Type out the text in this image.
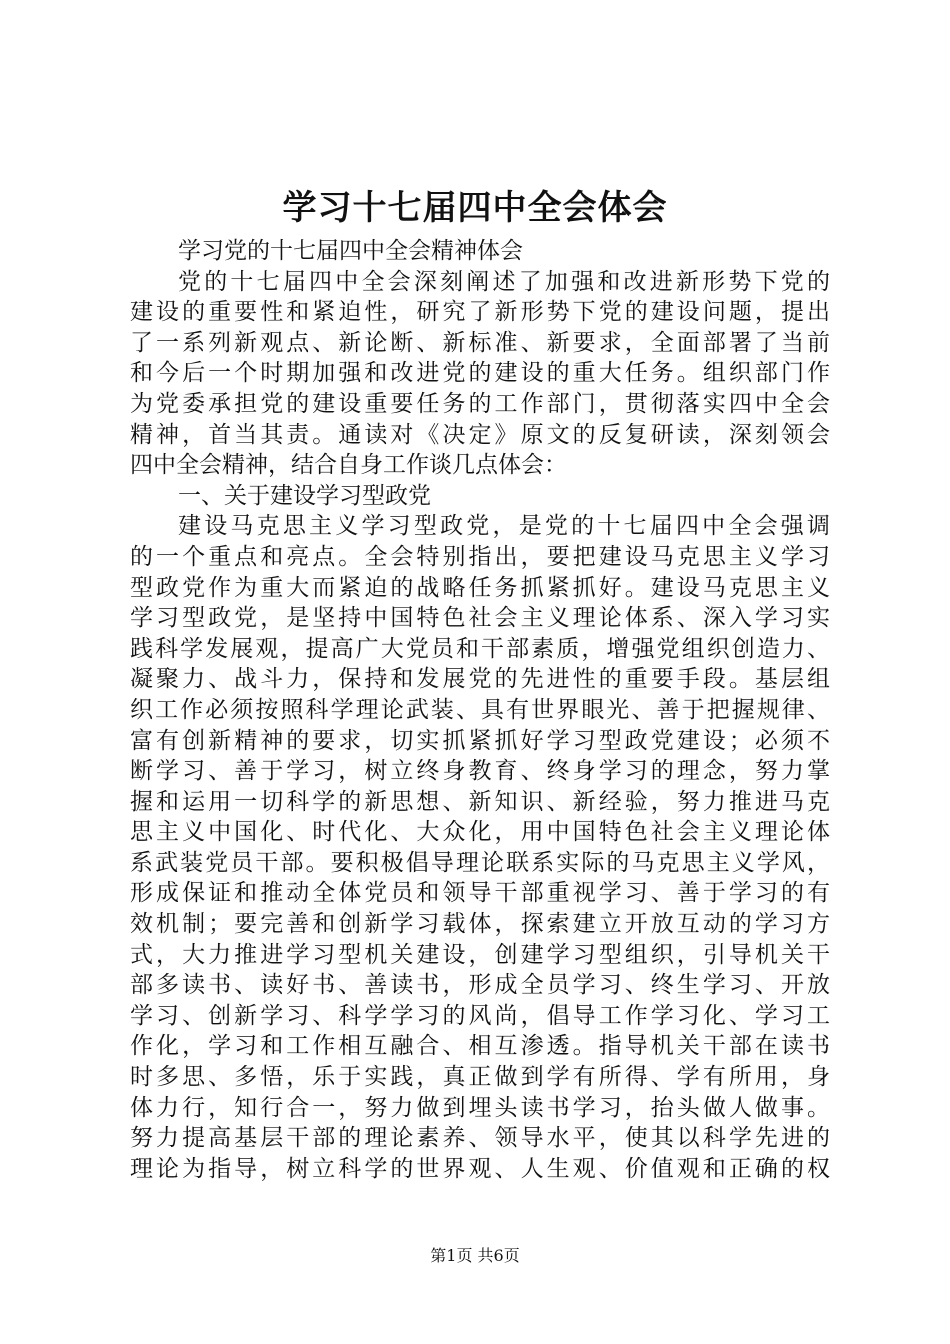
学习十七届四中全会体会
学习党的十七届四中全会精神体会
党的十七届四中全会深刻阐述了加强和改进新形势下党的
建设的重要性和紧迫性，研究了新形势下党的建设问题，提出
了一系列新观点、新论断、新标准、新要求，全面部署了当前
和今后一个时期加强和改进党的建设的重大任务。组织部门作
为党委承担党的建设重要任务的工作部门，贯彻落实四中全会
精神，首当其责。通读对《决定》原文的反复研读，深刻领会
四中全会精神，结合自身工作谈几点体会：
一、关于建设学习型政党
建设马克思主义学习型政党，是党的十七届四中全会强调
的一个重点和亮点。全会特别指出，要把建设马克思主义学习
型政党作为重大而紧迫的战略任务抓紧抓好。建设马克思主义
学习型政党，是坚持中国特色社会主义理论体系、深入学习实
践科学发展观，提高广大党员和干部素质，增强党组织创造力、
凝聚力、战斗力，保持和发展党的先进性的重要手段。基层组
织工作必须按照科学理论武装、具有世界眼光、善于把握规律、
富有创新精神的要求，切实抓紧抓好学习型政党建设；必须不
断学习、善于学习，树立终身教育、终身学习的理念，努力掌
握和运用一切科学的新思想、新知识、新经验，努力推进马克
思主义中国化、时代化、大众化，用中国特色社会主义理论体
系武装党员干部。要积极倡导理论联系实际的马克思主义学风，
形成保证和推动全体党员和领导干部重视学习、善于学习的有
效机制；要完善和创新学习载体，探索建立开放互动的学习方
式，大力推进学习型机关建设，创建学习型组织，引导机关干
部多读书、读好书、善读书，形成全员学习、终生学习、开放
学习、创新学习、科学学习的风尚，倡导工作学习化、学习工
作化，学习和工作相互融合、相互渗透。指导机关干部在读书
时多思、多悟，乐于实践，真正做到学有所得、学有所用，身
体力行，知行合一，努力做到埋头读书学习，抬头做人做事。
努力提高基层干部的理论素养、领导水平，使其以科学先进的
理论为指导，树立科学的世界观、人生观、价值观和正确的权
第1页 共6页
